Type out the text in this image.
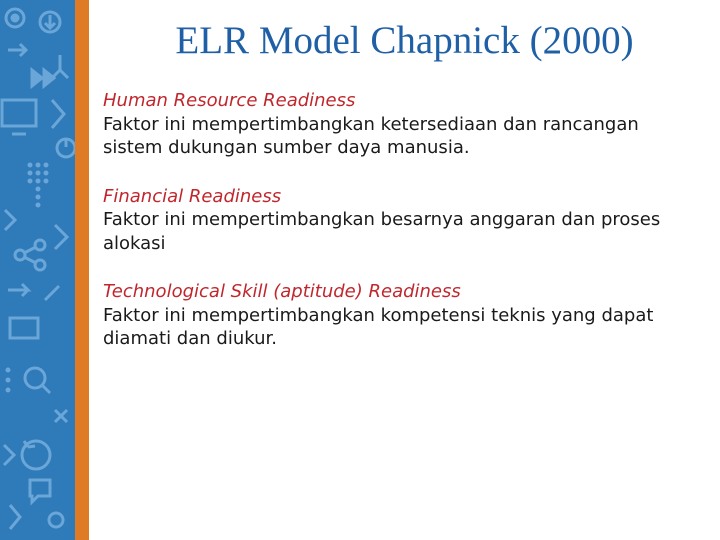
ELR Model Chapnick (2000)
Human Resource Readiness
Faktor ini mempertimbangkan ketersediaan dan rancangan sistem dukungan sumber daya manusia.
Financial Readiness
Faktor ini mempertimbangkan besarnya anggaran dan proses alokasi
Technological Skill (aptitude) Readiness
Faktor ini mempertimbangkan kompetensi teknis yang dapat diamati dan diukur.
